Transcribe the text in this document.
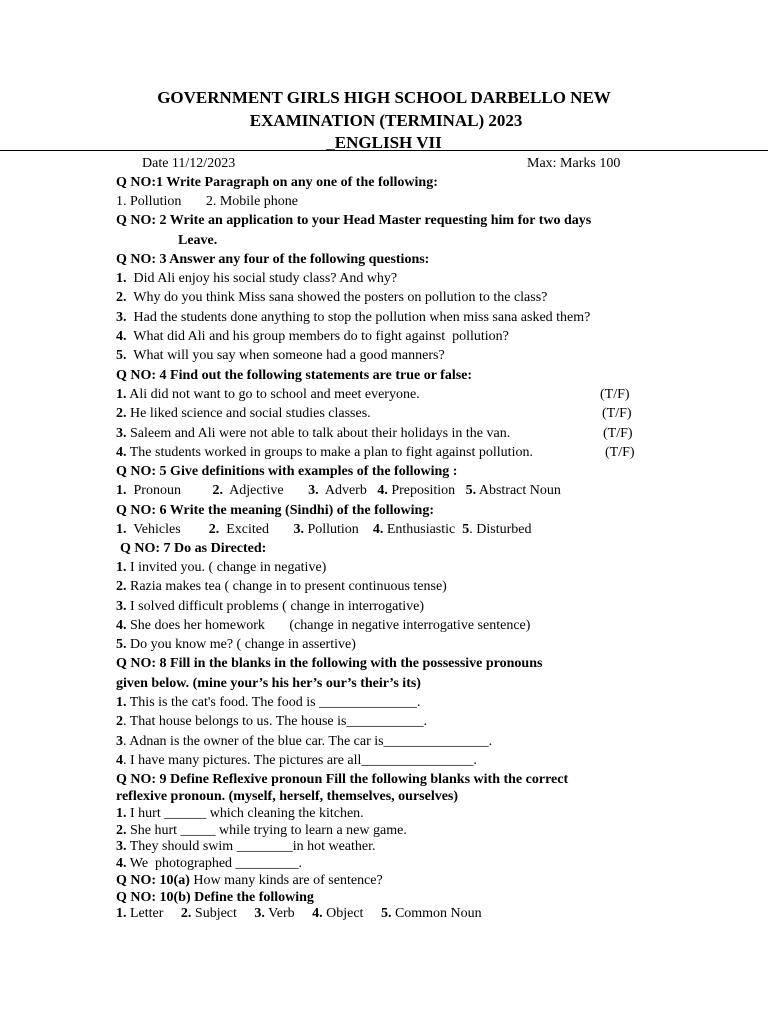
GOVERNMENT GIRLS HIGH SCHOOL DARBELLO NEW
EXAMINATION (TERMINAL) 2023
_ENGLISH VII
Date 11/12/2023	Max: Marks 100
Q NO:1 Write Paragraph on any one of the following:
1. Pollution       2. Mobile phone
Q NO: 2 Write an application to your Head Master requesting him for two days
Leave.
Q NO: 3 Answer any four of the following questions:
1.  Did Ali enjoy his social study class? And why?
2.  Why do you think Miss sana showed the posters on pollution to the class?
3.  Had the students done anything to stop the pollution when miss sana asked them?
4.  What did Ali and his group members do to fight against  pollution?
5.  What will you say when someone had a good manners?
Q NO: 4 Find out the following statements are true or false:
1. Ali did not want to go to school and meet everyone.	(T/F)
2. He liked science and social studies classes.	(T/F)
3. Saleem and Ali were not able to talk about their holidays in the van.	(T/F)
4. The students worked in groups to make a plan to fight against pollution.	(T/F)
Q NO: 5 Give definitions with examples of the following :
1.  Pronoun         2.  Adjective       3.  Adverb   4. Preposition   5. Abstract Noun
Q NO: 6 Write the meaning (Sindhi) of the following:
1.  Vehicles        2.  Excited       3. Pollution    4. Enthusiastic  5. Disturbed
Q NO: 7 Do as Directed:
1. I invited you. ( change in negative)
2. Razia makes tea ( change in to present continuous tense)
3. I solved difficult problems ( change in interrogative)
4. She does her homework       (change in negative interrogative sentence)
5. Do you know me? ( change in assertive)
Q NO: 8 Fill in the blanks in the following with the possessive pronouns
given below. (mine your’s his her’s our’s their’s its)
1. This is the cat's food. The food is ______________.
2. That house belongs to us. The house is___________.
3. Adnan is the owner of the blue car. The car is_______________.
4. I have many pictures. The pictures are all________________.
Q NO: 9 Define Reflexive pronoun Fill the following blanks with the correct
reflexive pronoun. (myself, herself, themselves, ourselves)
1. I hurt ______ which cleaning the kitchen.
2. She hurt _____ while trying to learn a new game.
3. They should swim ________in hot weather.
4. We  photographed _________.
Q NO: 10(a) How many kinds are of sentence?
Q NO: 10(b) Define the following
1. Letter     2. Subject     3. Verb     4. Object     5. Common Noun
